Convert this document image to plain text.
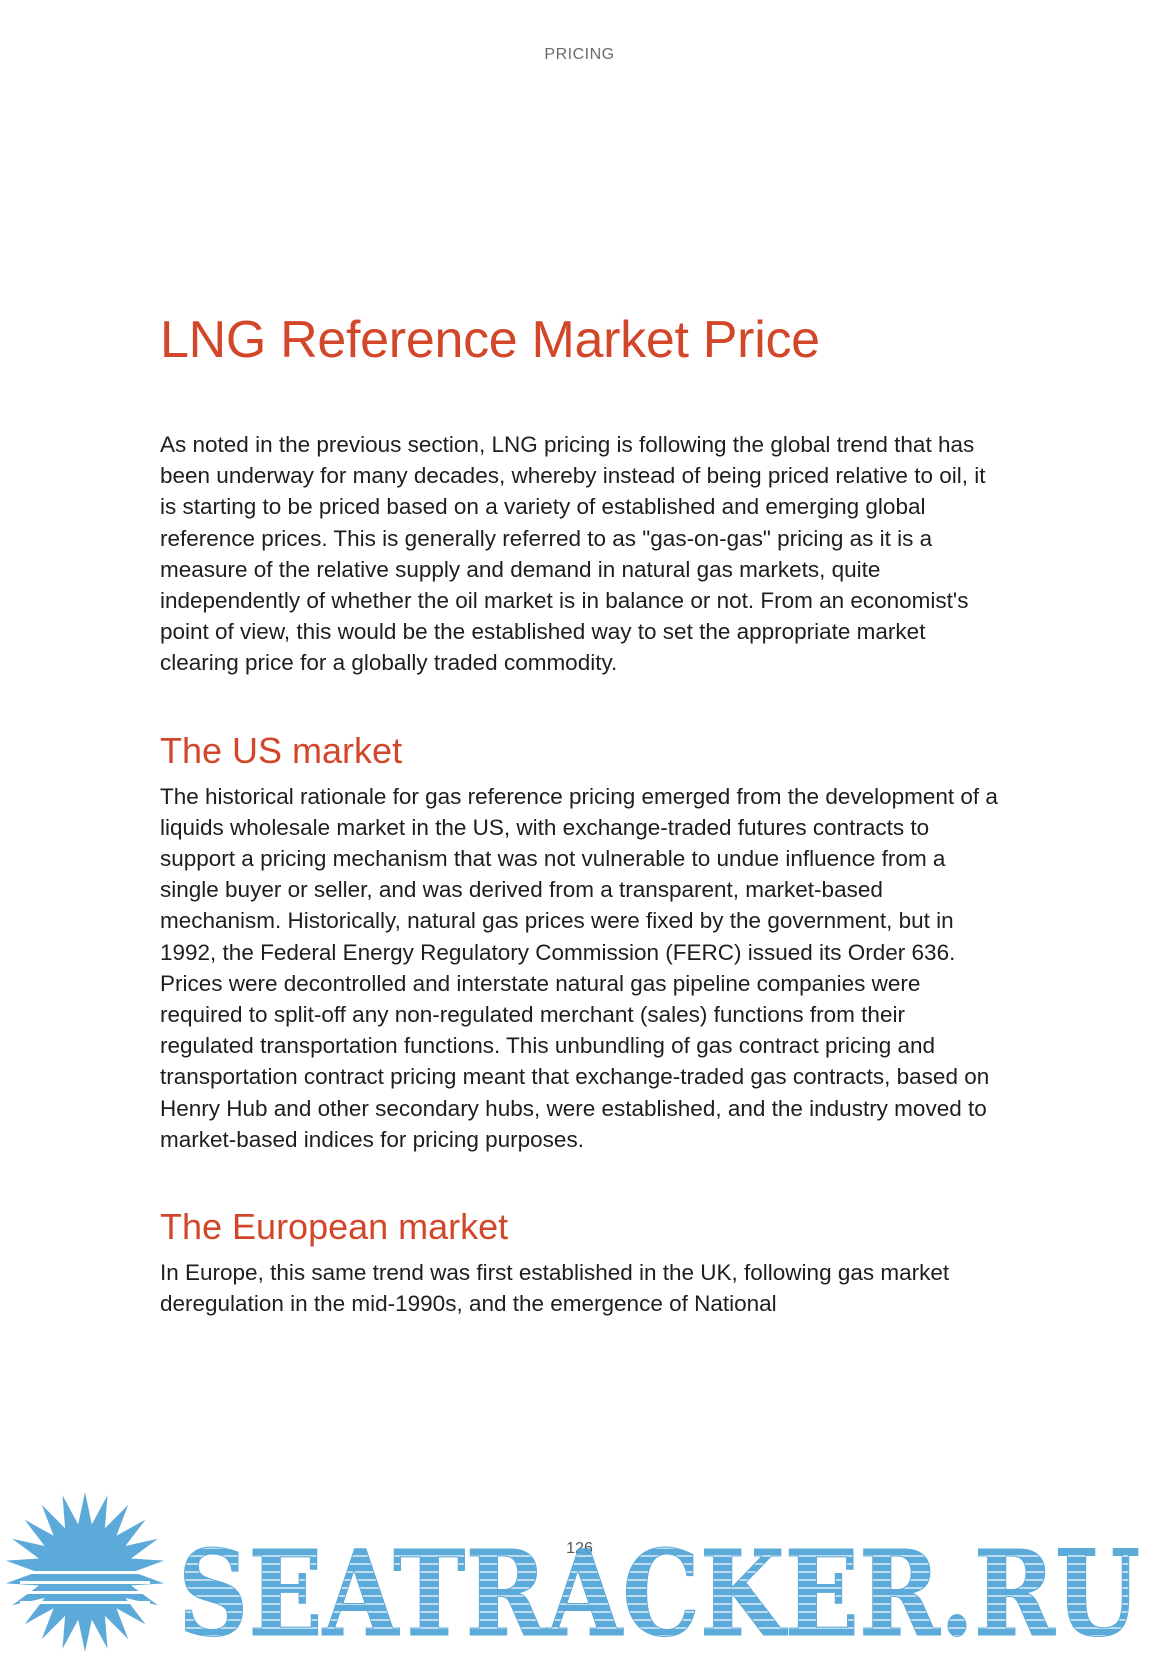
PRICING
LNG Reference Market Price

As noted in the previous section, LNG pricing is following the global trend that has been underway for many decades, whereby instead of being priced relative to oil, it is starting to be priced based on a variety of established and emerging global reference prices. This is generally referred to as "gas-on-gas" pricing as it is a measure of the relative supply and demand in natural gas markets, quite independently of whether the oil market is in balance or not. From an economist's point of view, this would be the established way to set the appropriate market clearing price for a globally traded commodity.

The US market

The historical rationale for gas reference pricing emerged from the development of a liquids wholesale market in the US, with exchange-traded futures contracts to support a pricing mechanism that was not vulnerable to undue influence from a single buyer or seller, and was derived from a transparent, market-based mechanism. Historically, natural gas prices were fixed by the government, but in 1992, the Federal Energy Regulatory Commission (FERC) issued its Order 636. Prices were decontrolled and interstate natural gas pipeline companies were required to split-off any non-regulated merchant (sales) functions from their regulated transportation functions. This unbundling of gas contract pricing and transportation contract pricing meant that exchange-traded gas contracts, based on Henry Hub and other secondary hubs, were established, and the industry moved to market-based indices for pricing purposes.

The European market

In Europe, this same trend was first established in the UK, following gas market deregulation in the mid-1990s, and the emergence of National

126
SEATRACKER.RU
